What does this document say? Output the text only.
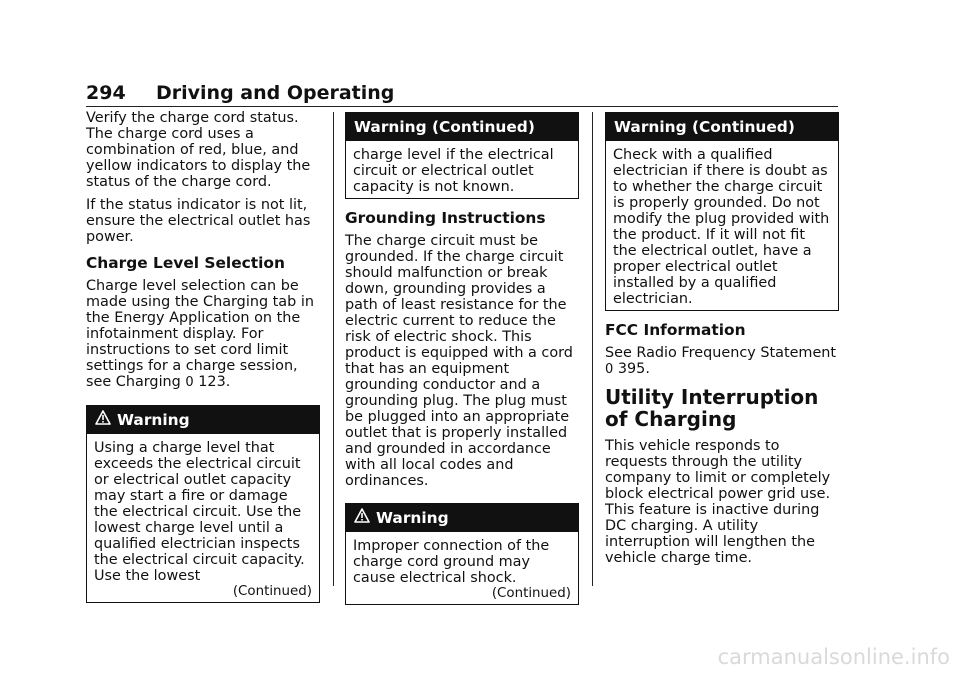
294 Driving and Operating

Verify the charge cord status. The charge cord uses a combination of red, blue, and yellow indicators to display the status of the charge cord.

If the status indicator is not lit, ensure the electrical outlet has power.

Charge Level Selection

Charge level selection can be made using the Charging tab in the Energy Application on the infotainment display. For instructions to set cord limit settings for a charge session, see Charging 0 123.

Warning
Using a charge level that exceeds the electrical circuit or electrical outlet capacity may start a fire or damage the electrical circuit. Use the lowest charge level until a qualified electrician inspects the electrical circuit capacity. Use the lowest
(Continued)
Warning (Continued)
charge level if the electrical circuit or electrical outlet capacity is not known.
Grounding Instructions

The charge circuit must be grounded. If the charge circuit should malfunction or break down, grounding provides a path of least resistance for the electric current to reduce the risk of electric shock. This product is equipped with a cord that has an equipment grounding conductor and a grounding plug. The plug must be plugged into an appropriate outlet that is properly installed and grounded in accordance with all local codes and ordinances.

Warning
Improper connection of the charge cord ground may cause electrical shock.
(Continued)
Warning (Continued)
Check with a qualified electrician if there is doubt as to whether the charge circuit is properly grounded. Do not modify the plug provided with the product. If it will not fit the electrical outlet, have a proper electrical outlet installed by a qualified electrician.
FCC Information

See Radio Frequency Statement 0 395.

Utility Interruption of Charging

This vehicle responds to requests through the utility company to limit or completely block electrical power grid use. This feature is inactive during DC charging. A utility interruption will lengthen the vehicle charge time.

carmanualsonline.info
